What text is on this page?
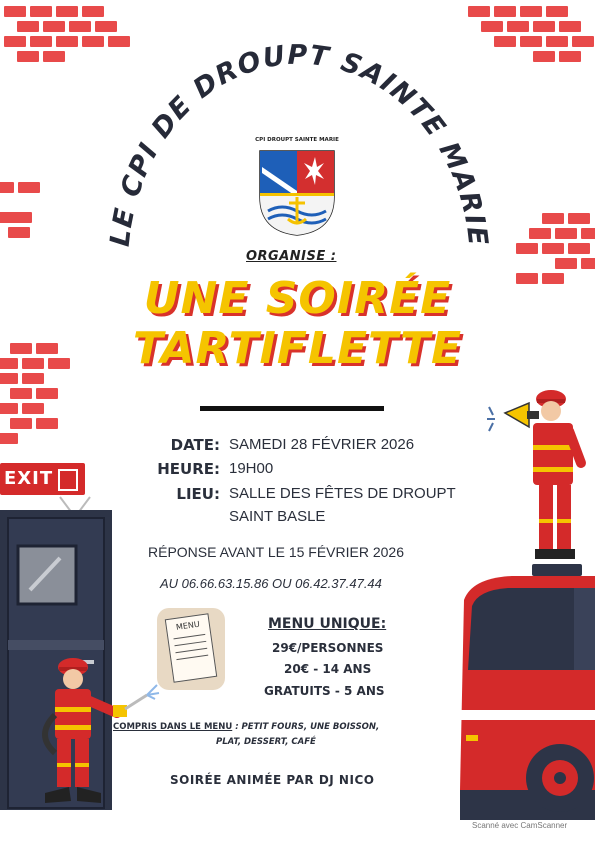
LE CPI DE DROUPT SAINTE MARIE
CPI DROUPT SAINTE MARIE
ORGANISE :
UNE SOIRÉE
TARTIFLETTE
DATE: SAMEDI 28 FÉVRIER 2026
HEURE: 19H00
LIEU: SALLE DES FÊTES DE DROUPT
SAINT BASLE
RÉPONSE AVANT LE 15 FÉVRIER 2026
AU 06.66.63.15.86 OU 06.42.37.47.44
MENU UNIQUE:
29€/PERSONNES
20€ - 14 ANS
GRATUITS - 5 ANS
MENU
COMPRIS DANS LE MENU : PETIT FOURS, UNE BOISSON,
PLAT, DESSERT, CAFÉ
SOIRÉE ANIMÉE PAR DJ NICO
EXIT
Scanné avec CamScanner
